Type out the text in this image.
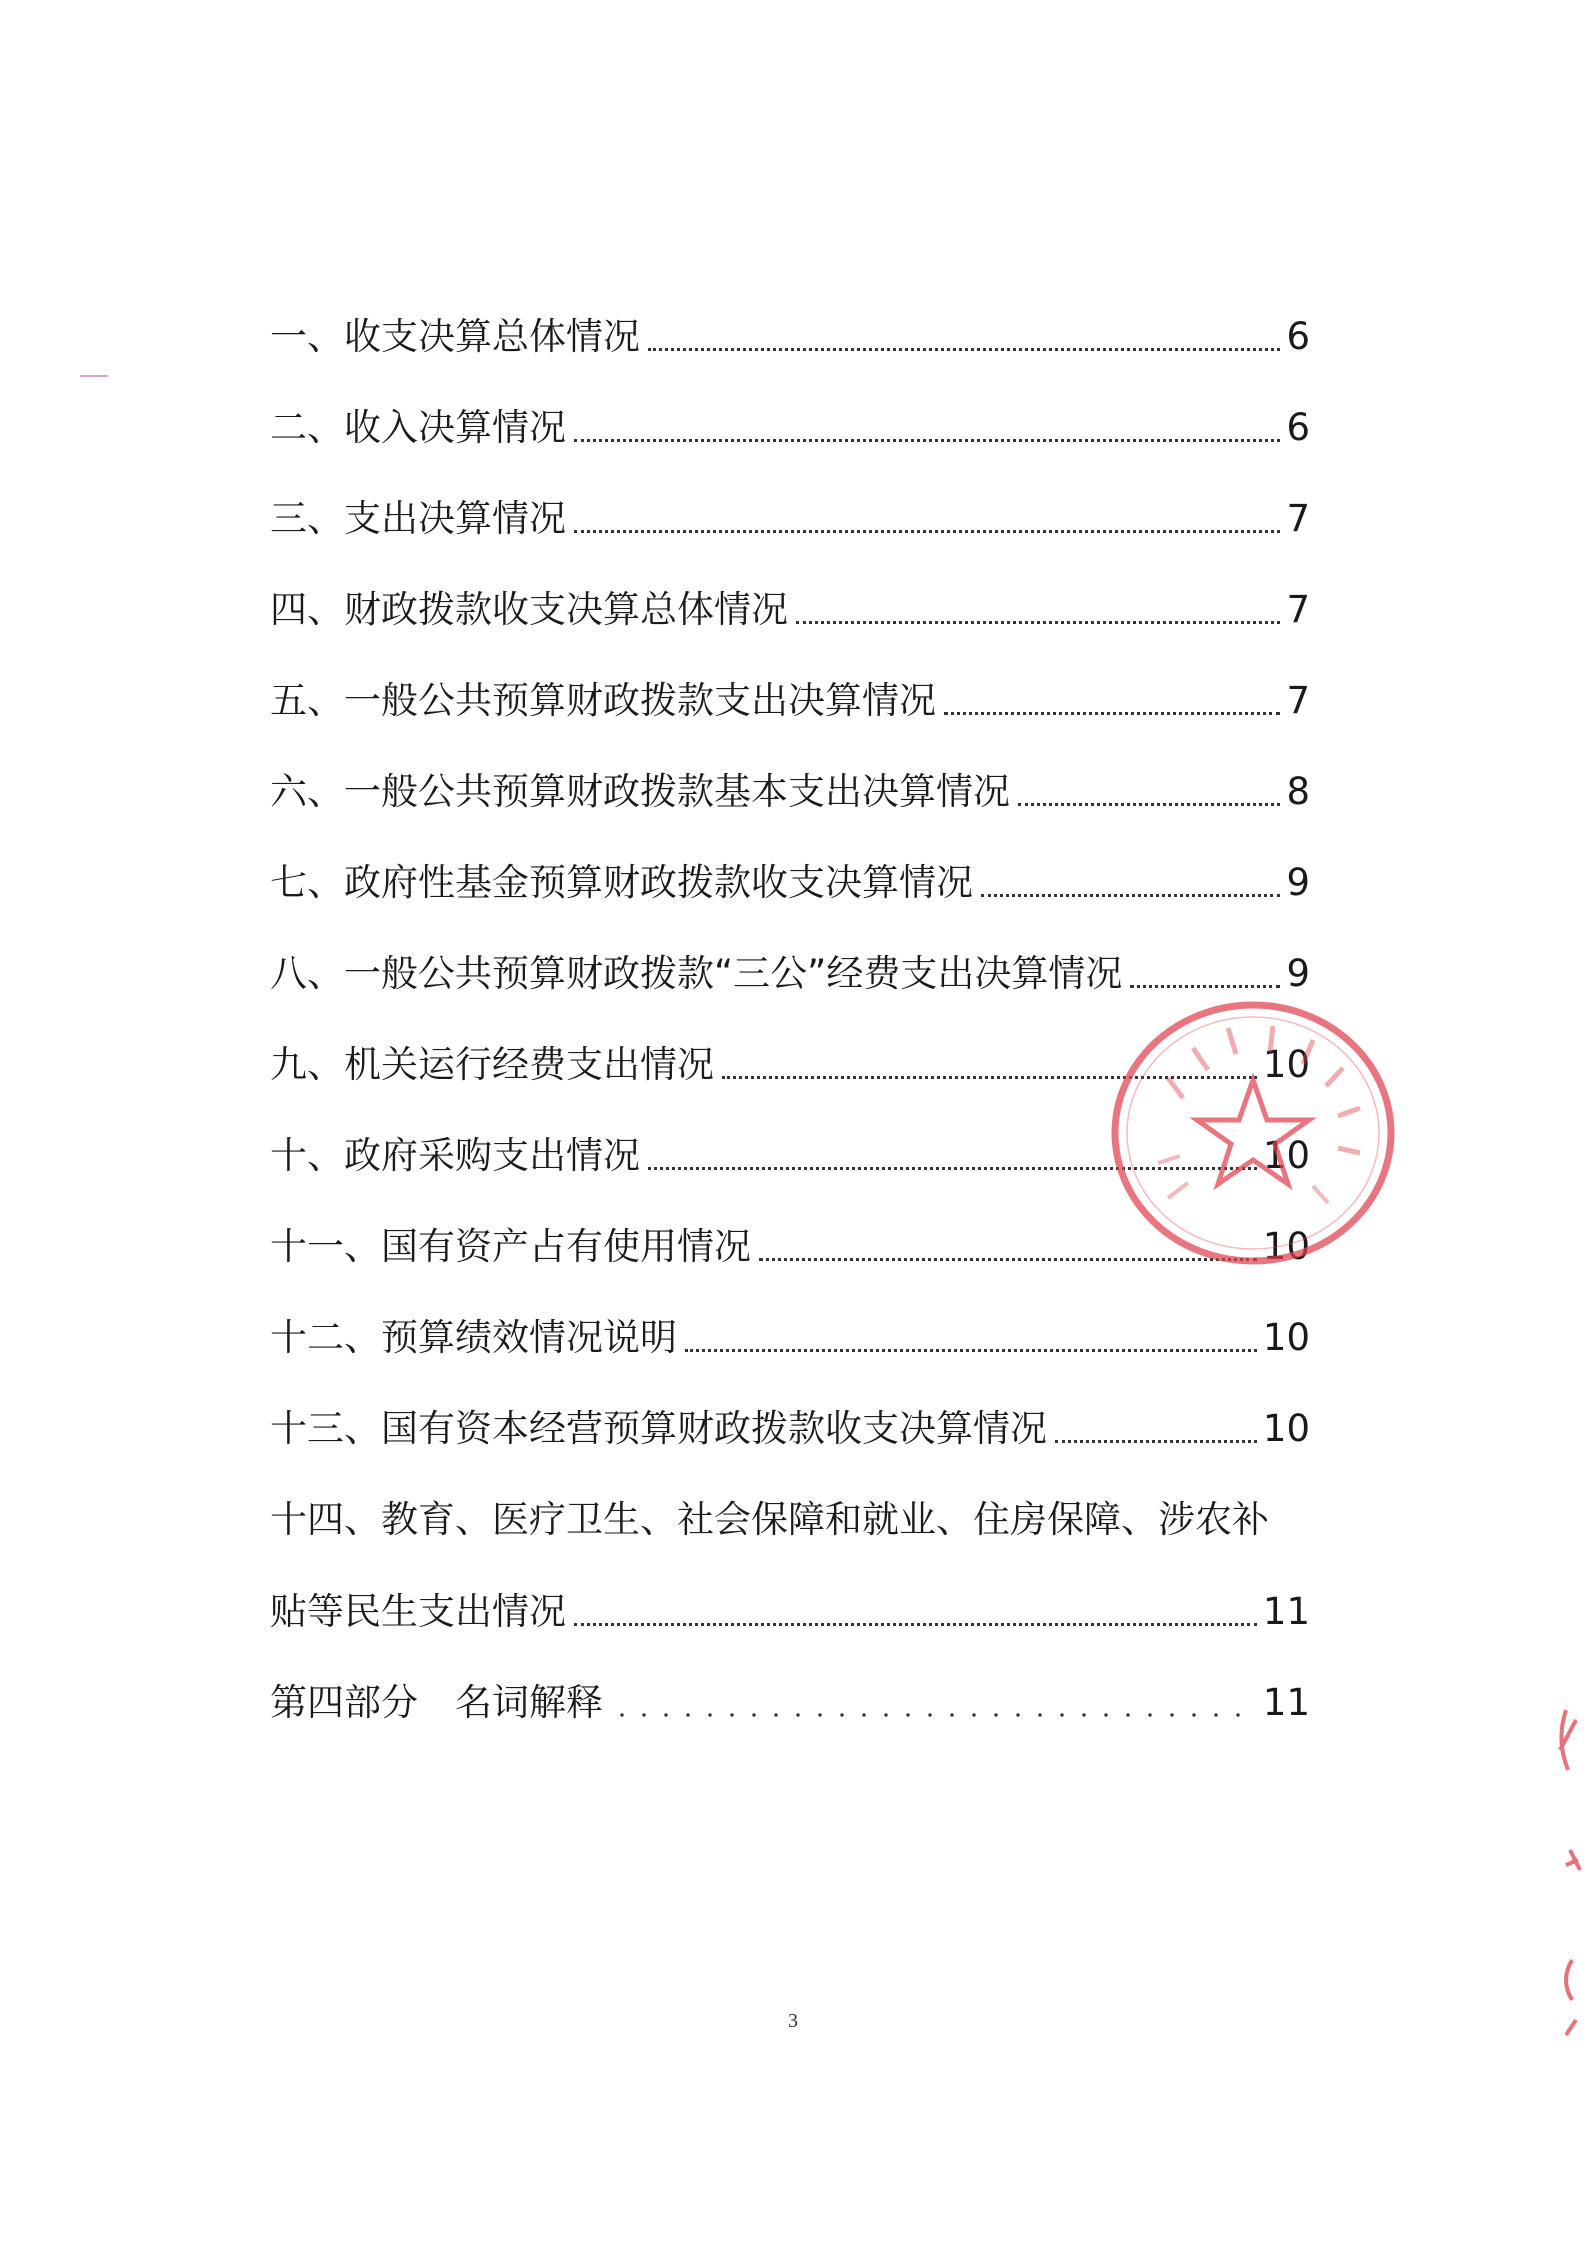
一、收支决算总体情况	6
二、收入决算情况	6
三、支出决算情况	7
四、财政拨款收支决算总体情况	7
五、一般公共预算财政拨款支出决算情况	7
六、一般公共预算财政拨款基本支出决算情况	8
七、政府性基金预算财政拨款收支决算情况	9
八、一般公共预算财政拨款“三公”经费支出决算情况	9
九、机关运行经费支出情况	10
十、政府采购支出情况	10
十一、国有资产占有使用情况	10
十二、预算绩效情况说明	10
十三、国有资本经营预算财政拨款收支决算情况	10
十四、教育、医疗卫生、社会保障和就业、住房保障、涉农补
贴等民生支出情况	11
第四部分　名词解释	11
3
